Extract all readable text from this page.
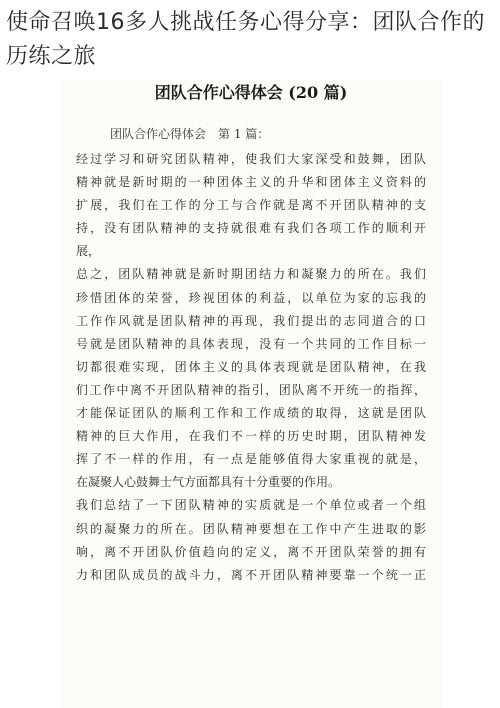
使命召唤16多人挑战任务心得分享：团队合作的历练之旅
团队合作心得体会 (20 篇)
团队合作心得体会　第 1 篇：
经过学习和研究团队精神，使我们大家深受和鼓舞，团队
精神就是新时期的一种团体主义的升华和团体主义资料的
扩展，我们在工作的分工与合作就是离不开团队精神的支
持，没有团队精神的支持就很难有我们各项工作的顺利开
展，
总之，团队精神就是新时期团结力和凝聚力的所在。我们
珍惜团体的荣誉，珍视团体的利益，以单位为家的忘我的
工作作风就是团队精神的再现，我们提出的志同道合的口
号就是团队精神的具体表现，没有一个共同的工作目标一
切都很难实现，团体主义的具体表现就是团队精神，在我
们工作中离不开团队精神的指引，团队离不开统一的指挥，
才能保证团队的顺利工作和工作成绩的取得，这就是团队
精神的巨大作用，在我们不一样的历史时期，团队精神发
挥了不一样的作用，有一点是能够值得大家重视的就是，
在凝聚人心鼓舞士气方面都具有十分重要的作用。
我们总结了一下团队精神的实质就是一个单位或者一个组
织的凝聚力的所在。团队精神要想在工作中产生进取的影
响，离不开团队价值趋向的定义，离不开团队荣誉的拥有
力和团队成员的战斗力，离不开团队精神要靠一个统一正
